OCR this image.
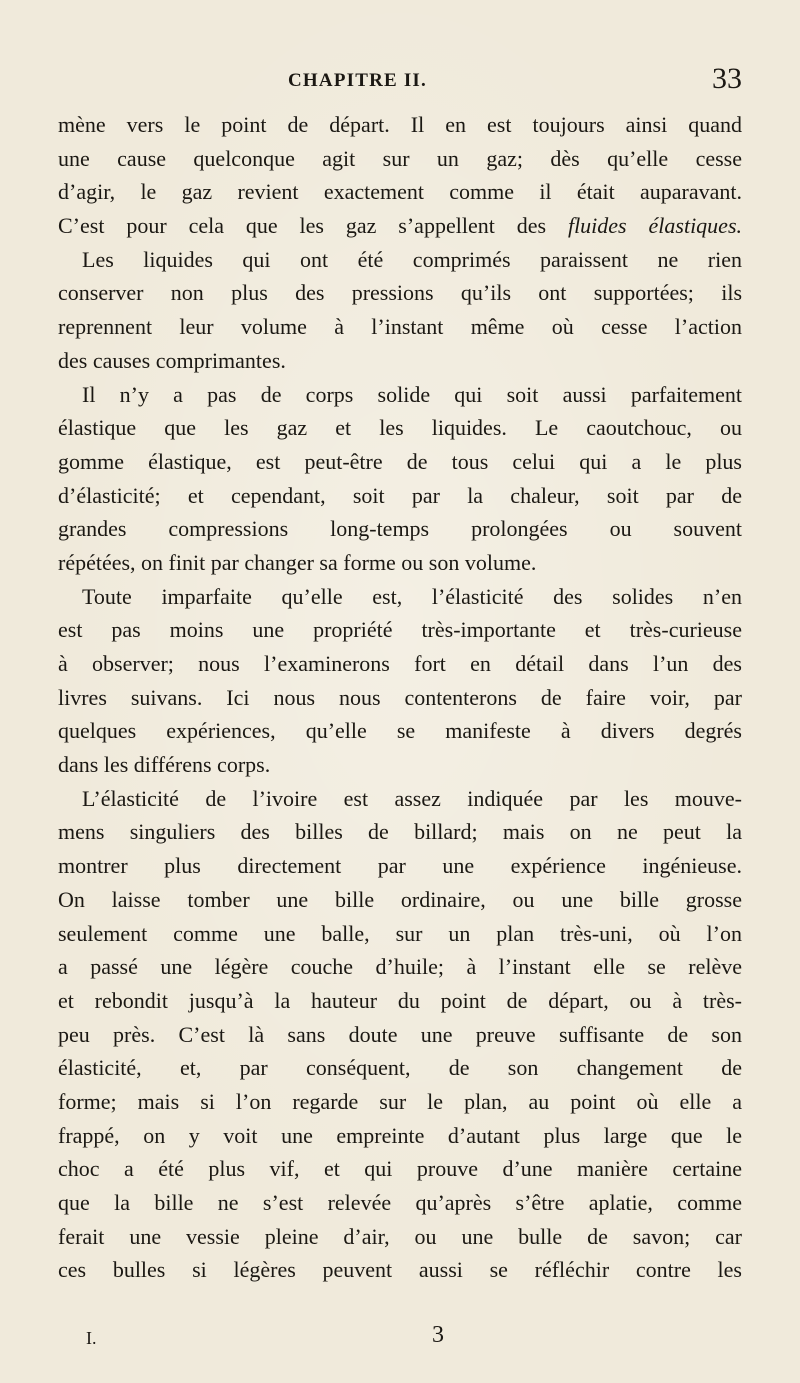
CHAPITRE II.	33
mène vers le point de départ. Il en est toujours ainsi quand
une cause quelconque agit sur un gaz; dès qu’elle cesse
d’agir, le gaz revient exactement comme il était auparavant.
C’est pour cela que les gaz s’appellent des fluides élastiques.
Les liquides qui ont été comprimés paraissent ne rien
conserver non plus des pressions qu’ils ont supportées; ils
reprennent leur volume à l’instant même où cesse l’action
des causes comprimantes.
Il n’y a pas de corps solide qui soit aussi parfaitement
élastique que les gaz et les liquides. Le caoutchouc, ou
gomme élastique, est peut-être de tous celui qui a le plus
d’élasticité; et cependant, soit par la chaleur, soit par de
grandes compressions long-temps prolongées ou souvent
répétées, on finit par changer sa forme ou son volume.
Toute imparfaite qu’elle est, l’élasticité des solides n’en
est pas moins une propriété très-importante et très-curieuse
à observer; nous l’examinerons fort en détail dans l’un des
livres suivans. Ici nous nous contenterons de faire voir, par
quelques expériences, qu’elle se manifeste à divers degrés
dans les différens corps.
L’élasticité de l’ivoire est assez indiquée par les mouve-
mens singuliers des billes de billard; mais on ne peut la
montrer plus directement par une expérience ingénieuse.
On laisse tomber une bille ordinaire, ou une bille grosse
seulement comme une balle, sur un plan très-uni, où l’on
a passé une légère couche d’huile; à l’instant elle se relève
et rebondit jusqu’à la hauteur du point de départ, ou à très-
peu près. C’est là sans doute une preuve suffisante de son
élasticité, et, par conséquent, de son changement de
forme; mais si l’on regarde sur le plan, au point où elle a
frappé, on y voit une empreinte d’autant plus large que le
choc a été plus vif, et qui prouve d’une manière certaine
que la bille ne s’est relevée qu’après s’être aplatie, comme
ferait une vessie pleine d’air, ou une bulle de savon; car
ces bulles si légères peuvent aussi se réfléchir contre les
I.	3
